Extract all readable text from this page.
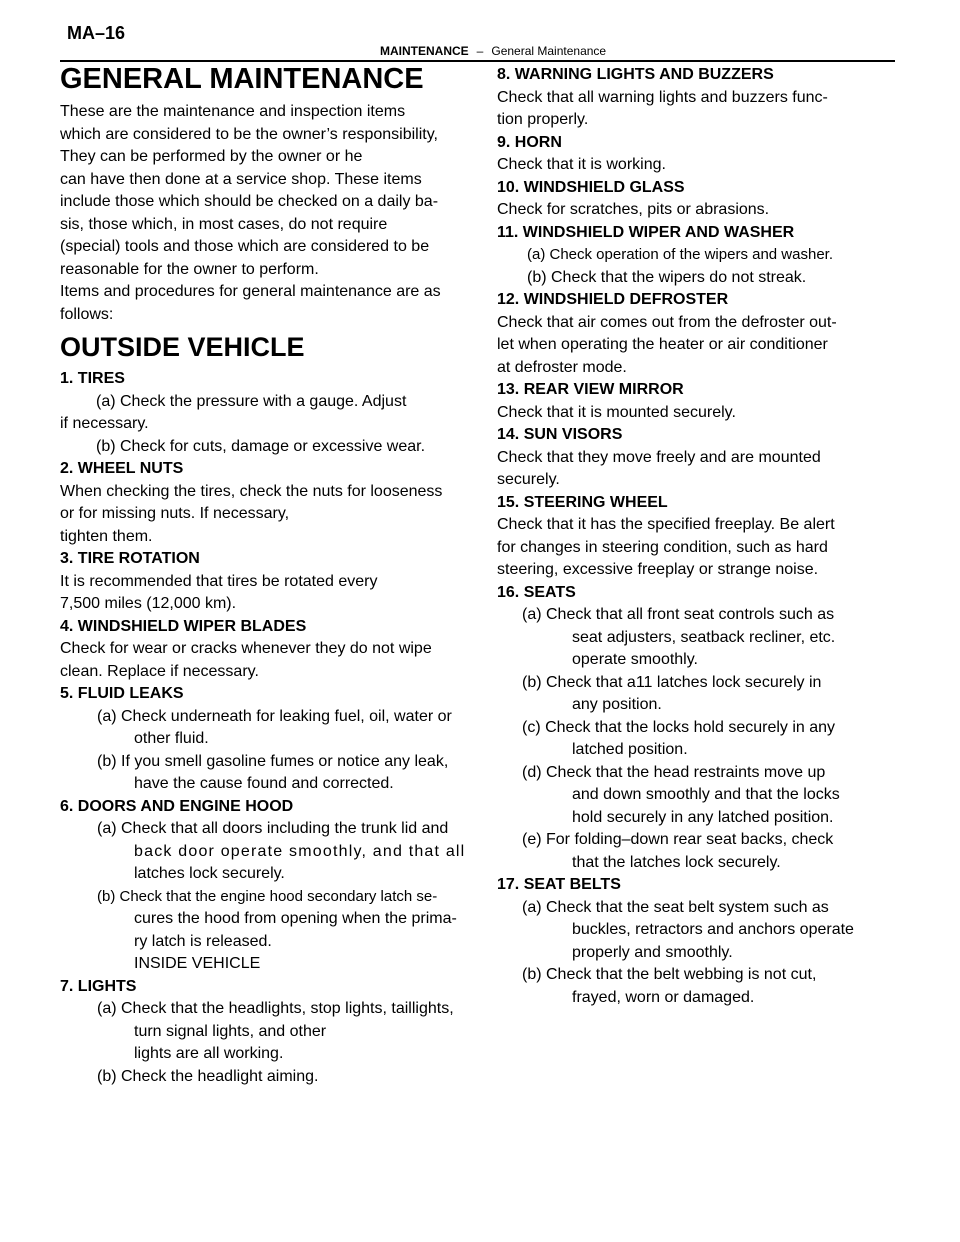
MA–16
MAINTENANCE – General Maintenance
GENERAL MAINTENANCE
These are the maintenance and inspection items
which are considered to be the owner’s responsibility,
They can be performed by the owner or he
can have then done at a service shop. These items
include those which should be checked on a daily ba-
sis, those which, in most cases, do not require
(special) tools and those which are considered to be
reasonable for the owner to perform.
Items and procedures for general maintenance are as
follows:
OUTSIDE VEHICLE
1. TIRES
(a) Check the pressure with a gauge. Adjust
if necessary.
(b) Check for cuts, damage or excessive wear.
2. WHEEL NUTS
When checking the tires, check the nuts for looseness
or for missing nuts. If necessary,
tighten them.
3. TIRE ROTATION
It is recommended that tires be rotated every
7,500 miles (12,000 km).
4. WINDSHIELD WIPER BLADES
Check for wear or cracks whenever they do not wipe
clean. Replace if necessary.
5. FLUID LEAKS
(a) Check underneath for leaking fuel, oil, water or
other fluid.
(b) If you smell gasoline fumes or notice any leak,
have the cause found and corrected.
6. DOORS AND ENGINE HOOD
(a) Check that all doors including the trunk lid and
back door operate smoothly, and that all
latches lock securely.
(b) Check that the engine hood secondary latch se-
cures the hood from opening when the prima-
ry latch is released.
INSIDE VEHICLE
7. LIGHTS
(a) Check that the headlights, stop lights, taillights,
turn signal lights, and other
lights are all working.
(b) Check the headlight aiming.
8. WARNING LIGHTS AND BUZZERS
Check that all warning lights and buzzers func-
tion properly.
9. HORN
Check that it is working.
10. WINDSHIELD GLASS
Check for scratches, pits or abrasions.
11. WINDSHIELD WIPER AND WASHER
(a) Check operation of the wipers and washer.
(b) Check that the wipers do not streak.
12. WINDSHIELD DEFROSTER
Check that air comes out from the defroster out-
let when operating the heater or air conditioner
at defroster mode.
13. REAR VIEW MIRROR
Check that it is mounted securely.
14. SUN VISORS
Check that they move freely and are mounted
securely.
15. STEERING WHEEL
Check that it has the specified freeplay. Be alert
for changes in steering condition, such as hard
steering, excessive freeplay or strange noise.
16. SEATS
(a) Check that all front seat controls such as
seat adjusters, seatback recliner, etc.
operate smoothly.
(b) Check that a11 latches lock securely in
any position.
(c) Check that the locks hold securely in any
latched position.
(d) Check that the head restraints move up
and down smoothly and that the locks
hold securely in any latched position.
(e) For folding–down rear seat backs, check
that the latches lock securely.
17. SEAT BELTS
(a) Check that the seat belt system such as
buckles, retractors and anchors operate
properly and smoothly.
(b) Check that the belt webbing is not cut,
frayed, worn or damaged.
